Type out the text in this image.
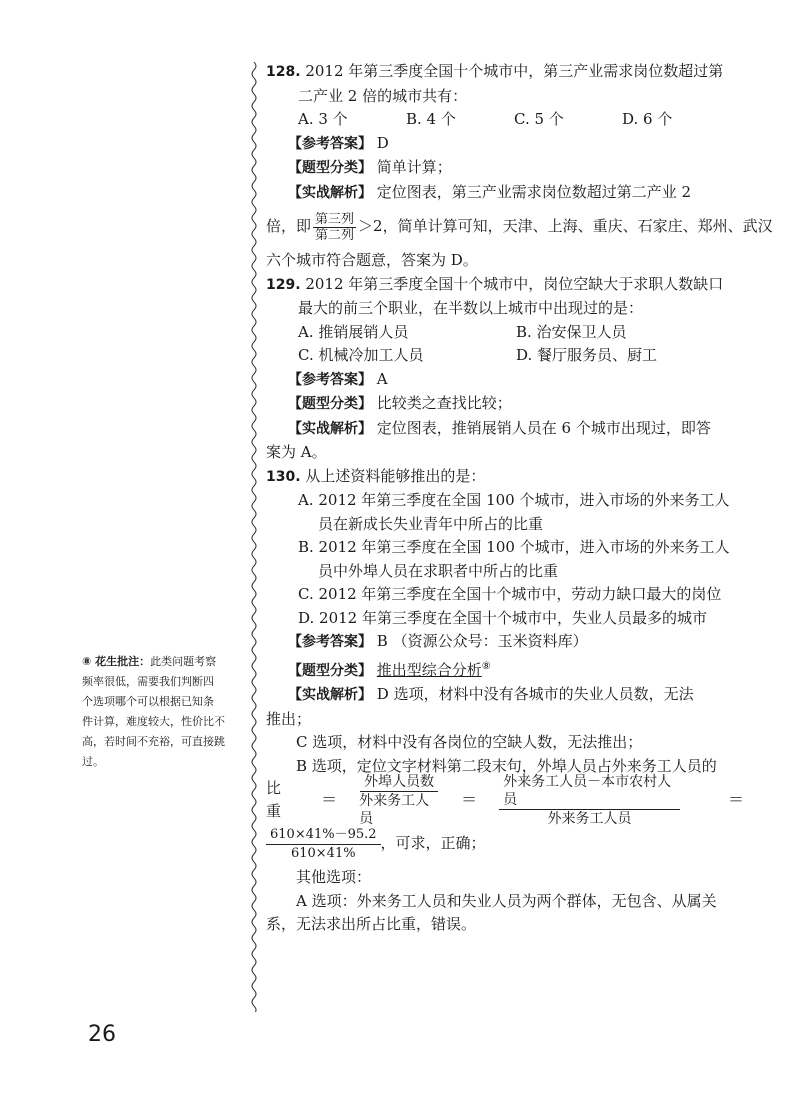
128. 2012 年第三季度全国十个城市中，第三产业需求岗位数超过第
二产业 2 倍的城市共有：
A. 3 个	B. 4 个	C. 5 个	D. 6 个
【参考答案】 D
【题型分类】 简单计算；
【实战解析】 定位图表，第三产业需求岗位数超过第二产业 2
倍，即 $\frac{\text{第三列}}{\text{第二列}} >2$，简单计算可知，天津、上海、重庆、石家庄、郑州、武汉
六个城市符合题意，答案为 D。
129. 2012 年第三季度全国十个城市中，岗位空缺大于求职人数缺口
最大的前三个职业，在半数以上城市中出现过的是：
A. 推销展销人员	B. 治安保卫人员
C. 机械冷加工人员	D. 餐厅服务员、厨工
【参考答案】 A
【题型分类】 比较类之查找比较；
【实战解析】 定位图表，推销展销人员在 6 个城市出现过，即答
案为 A。
130. 从上述资料能够推出的是：
A. 2012 年第三季度在全国 100 个城市，进入市场的外来务工人
员在新成长失业青年中所占的比重
B. 2012 年第三季度在全国 100 个城市，进入市场的外来务工人
员中外埠人员在求职者中所占的比重
C. 2012 年第三季度在全国十个城市中，劳动力缺口最大的岗位
D. 2012 年第三季度在全国十个城市中，失业人员最多的城市
【参考答案】 B （资源公众号：玉米资料库）
【题型分类】 推出型综合分析⑧
【实战解析】 D 选项，材料中没有各城市的失业人员数，无法
推出；
C 选项，材料中没有各岗位的空缺人数，无法推出；
B 选项，定位文字材料第二段末句，外埠人员占外来务工人员的
比 重
＝ $\frac{\text{外埠人员数}}{\text{外来务工人员}} = \frac{\text{外来务工人员－本市农村人员}}{\text{外来务工人员}}$	＝
$\frac{610\times 41\%-95.2}{610\times 41\%}$ ，可求，正确；
其他选项：
A 选项：外来务工人员和失业人员为两个群体，无包含、从属关
系，无法求出所占比重，错误。
⑧ 花生批注：此类问题考察
频率很低，需要我们判断四
个选项哪个可以根据已知条
件计算，难度较大，性价比不
高，若时间不充裕，可直接跳
过。
26
